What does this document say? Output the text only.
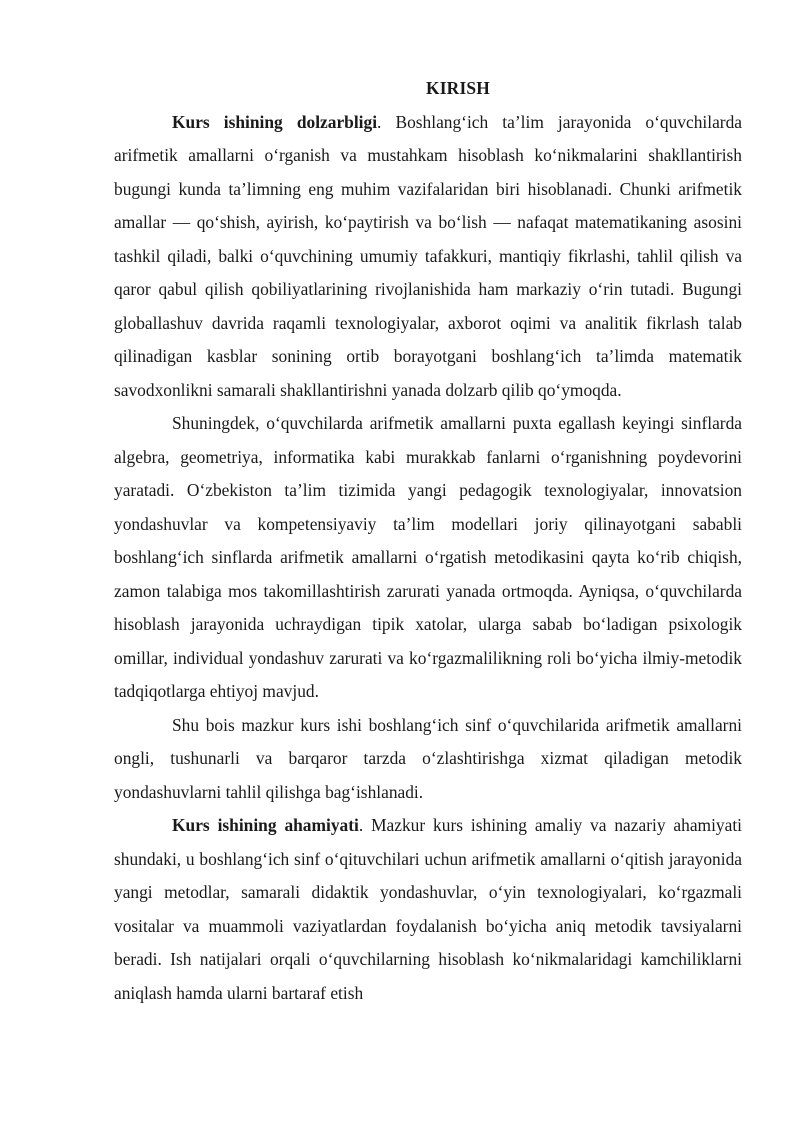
KIRISH

Kurs ishining dolzarbligi. Boshlang‘ich ta’lim jarayonida o‘quvchilarda arifmetik amallarni o‘rganish va mustahkam hisoblash ko‘nikmalarini shakllantirish bugungi kunda ta’limning eng muhim vazifalaridan biri hisoblanadi. Chunki arifmetik amallar — qo‘shish, ayirish, ko‘paytirish va bo‘lish — nafaqat matematikaning asosini tashkil qiladi, balki o‘quvchining umumiy tafakkuri, mantiqiy fikrlashi, tahlil qilish va qaror qabul qilish qobiliyatlarining rivojlanishida ham markaziy o‘rin tutadi. Bugungi globallashuv davrida raqamli texnologiyalar, axborot oqimi va analitik fikrlash talab qilinadigan kasblar sonining ortib borayotgani boshlang‘ich ta’limda matematik savodxonlikni samarali shakllantirishni yanada dolzarb qilib qo‘ymoqda.

Shuningdek, o‘quvchilarda arifmetik amallarni puxta egallash keyingi sinflarda algebra, geometriya, informatika kabi murakkab fanlarni o‘rganishning poydevorini yaratadi. O‘zbekiston ta’lim tizimida yangi pedagogik texnologiyalar, innovatsion yondashuvlar va kompetensiyaviy ta’lim modellari joriy qilinayotgani sababli boshlang‘ich sinflarda arifmetik amallarni o‘rgatish metodikasini qayta ko‘rib chiqish, zamon talabiga mos takomillashtirish zarurati yanada ortmoqda. Ayniqsa, o‘quvchilarda hisoblash jarayonida uchraydigan tipik xatolar, ularga sabab bo‘ladigan psixologik omillar, individual yondashuv zarurati va ko‘rgazmalilikning roli bo‘yicha ilmiy-metodik tadqiqotlarga ehtiyoj mavjud.

Shu bois mazkur kurs ishi boshlang‘ich sinf o‘quvchilarida arifmetik amallarni ongli, tushunarli va barqaror tarzda o‘zlashtirishga xizmat qiladigan metodik yondashuvlarni tahlil qilishga bag‘ishlanadi.

Kurs ishining ahamiyati. Mazkur kurs ishining amaliy va nazariy ahamiyati shundaki, u boshlang‘ich sinf o‘qituvchilari uchun arifmetik amallarni o‘qitish jarayonida yangi metodlar, samarali didaktik yondashuvlar, o‘yin texnologiyalari, ko‘rgazmali vositalar va muammoli vaziyatlardan foydalanish bo‘yicha aniq metodik tavsiyalarni beradi. Ish natijalari orqali o‘quvchilarning hisoblash ko‘nikmalaridagi kamchiliklarni aniqlash hamda ularni bartaraf etish
